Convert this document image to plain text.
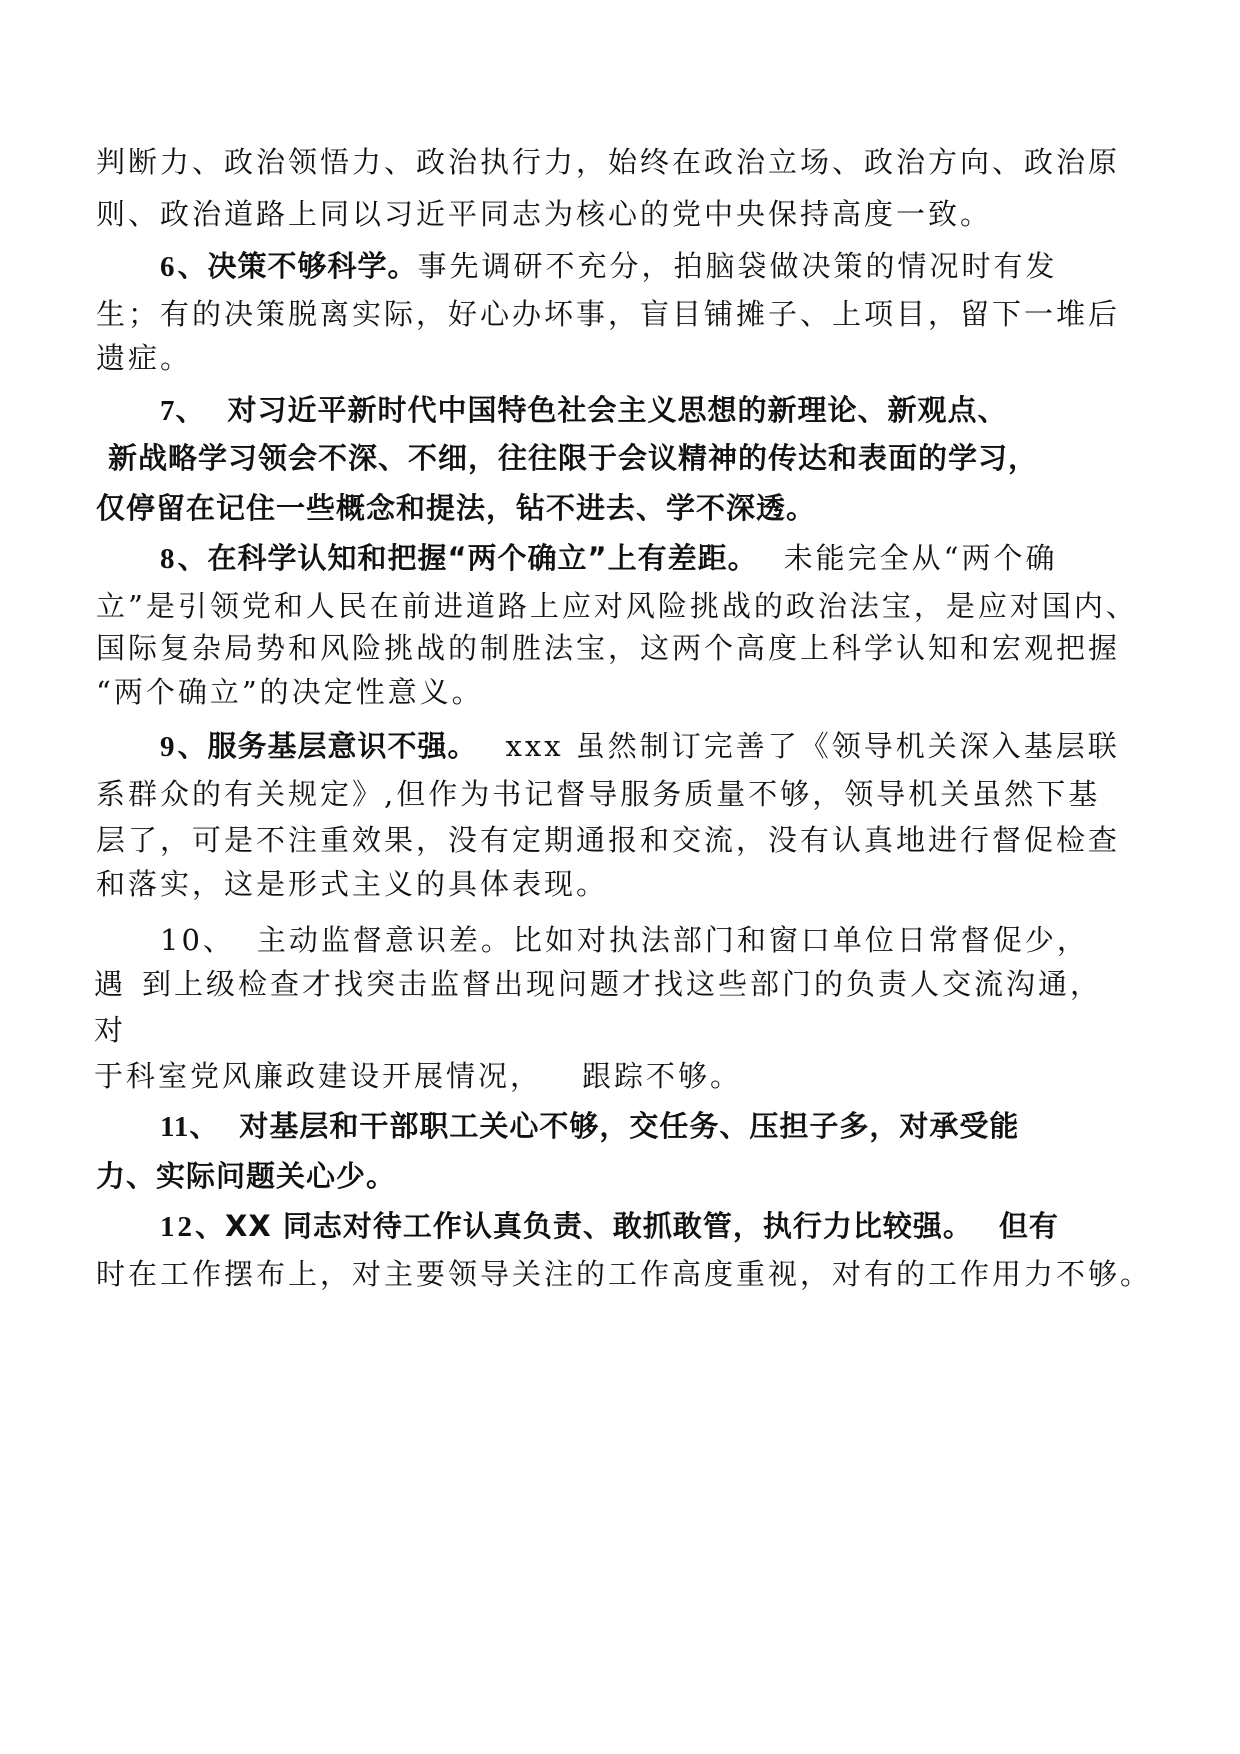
判断力、政治领悟力、政治执行力，始终在政治立场、政治方向、政治原
则、政治道路上同以习近平同志为核心的党中央保持高度一致。
6、决策不够科学。事先调研不充分，拍脑袋做决策的情况时有发
生；有的决策脱离实际，好心办坏事，盲目铺摊子、上项目，留下一堆后
遗症。
7、 对习近平新时代中国特色社会主义思想的新理论、新观点、
新战略学习领会不深、不细，往往限于会议精神的传达和表面的学习，
仅停留在记住一些概念和提法，钻不进去、学不深透。
8、在科学认知和把握“两个确立”上有差距。 未能完全从“两个确
立”是引领党和人民在前进道路上应对风险挑战的政治法宝，是应对国内、
国际复杂局势和风险挑战的制胜法宝，这两个高度上科学认知和宏观把握
“两个确立”的决定性意义。
9、服务基层意识不强。 xxx 虽然制订完善了《领导机关深入基层联
系群众的有关规定》,但作为书记督导服务质量不够，领导机关虽然下基
层了，可是不注重效果，没有定期通报和交流，没有认真地进行督促检查
和落实，这是形式主义的具体表现。
10、 主动监督意识差。比如对执法部门和窗口单位日常督促少，
遇 到上级检查才找突击监督出现问题才找这些部门的负责人交流沟通，
对
于科室党风廉政建设开展情况， 跟踪不够。
11、 对基层和干部职工关心不够，交任务、压担子多，对承受能
力、实际问题关心少。
12、XX 同志对待工作认真负责、敢抓敢管，执行力比较强。 但有
时在工作摆布上，对主要领导关注的工作高度重视，对有的工作用力不够。
